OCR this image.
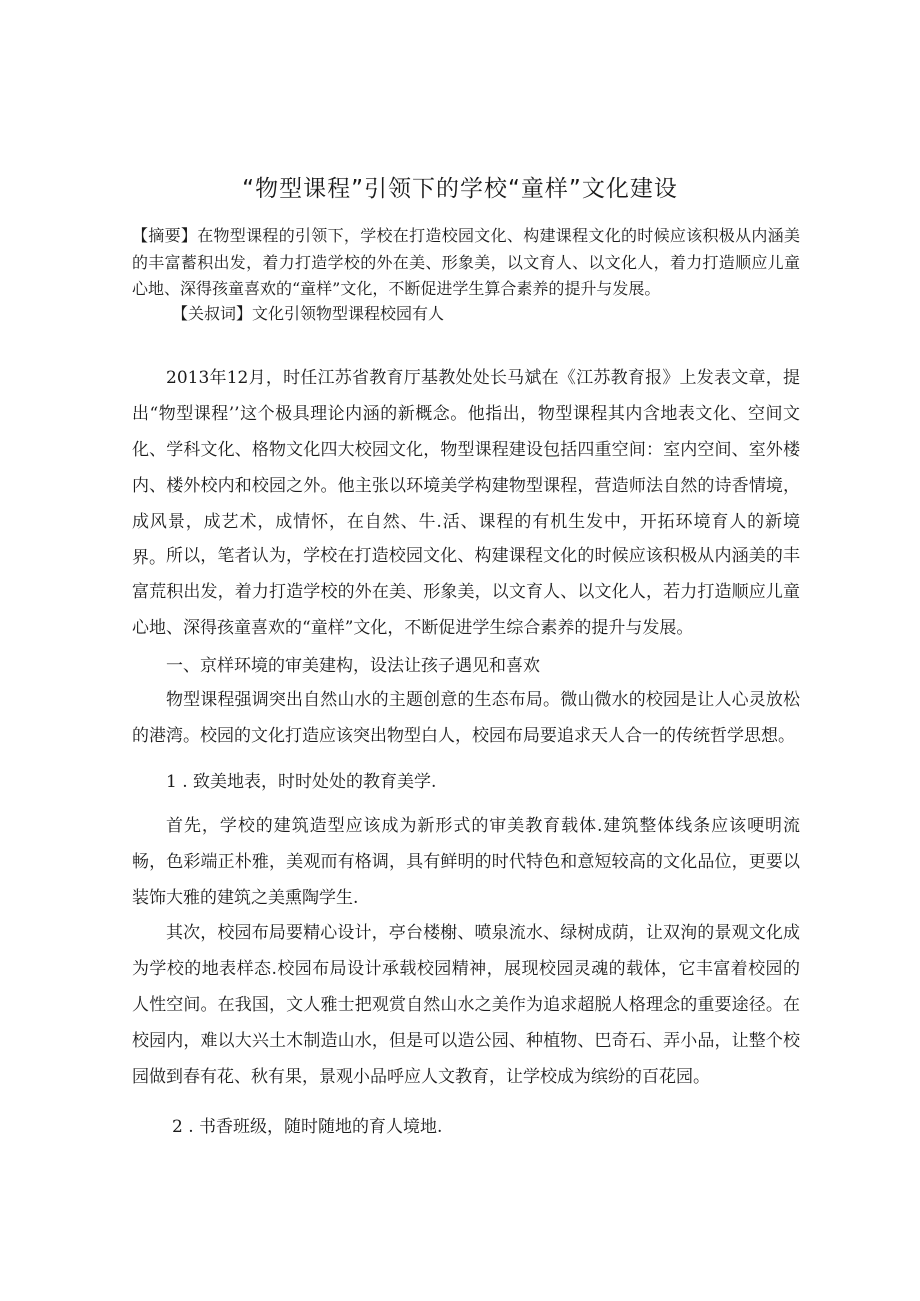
“物型课程”引领下的学校“童样”文化建设

【摘要】在物型课程的引领下，学校在打造校园文化、构建课程文化的时候应该积极从内涵美的丰富蓄积出发，着力打造学校的外在美、形象美，以文育人、以文化人，着力打造顺应儿童心地、深得孩童喜欢的“童样”文化，不断促进学生算合素养的提升与发展。

【关叔词】文化引领物型课程校园有人

2013年12月，时任江苏省教育厅基教处处长马斌在《江苏教育报》上发表文章，提出“物型课程’’这个极具理论内涵的新概念。他指出，物型课程其内含地表文化、空间文化、学科文化、格物文化四大校园文化，物型课程建设包括四重空间：室内空间、室外楼内、楼外校内和校园之外。他主张以环境美学构建物型课程，营造师法自然的诗香情境，成风景，成艺术，成情怀，在自然、牛.活、课程的有机生发中，开拓环境育人的新境界。 所以，笔者认为，学校在打造校园文化、构建课程文化的时候应该积极从内涵美的丰富荒积出发，着力打造学校的外在美、形象美，以文育人、以文化人，若力打造顺应儿童心地、深得孩童喜欢的“童样”文化，不断促进学生综合素养的提升与发展。

一、京样环境的审美建构，设法让孩子遇见和喜欢

物型课程强调突出自然山水的主题创意的生态布局。微山微水的校园是让人心灵放松的港湾。校园的文化打造应该突出物型白人，校园布局要追求天人合一的传统哲学思想。

1 . 致美地表，时时处处的教育美学.

首先，学校的建筑造型应该成为新形式的审美教育载体.建筑整体线条应该哽明流畅，色彩端正朴雅，美观而有格调，具有鲜明的时代特色和意短较高的文化品位，更要以装饰大雅的建筑之美熏陶学生.

其次，校园布局要精心设计，亭台楼榭、喷泉流水、绿树成荫，让双洵的景观文化成为学校的地表样态.校园布局设计承载校园精神，展现校园灵魂的载体，它丰富着校园的人性空间。在我国，文人雅士把观赏自然山水之美作为追求超脱人格理念的重要途径。在校园内，难以大兴土木制造山水，但是可以造公园、种植物、巴奇石、弄小品，让整个校园做到春有花、秋有果，景观小品呼应人文教育，让学校成为缤纷的百花园。

2 . 书香班级，随时随地的育人境地.
